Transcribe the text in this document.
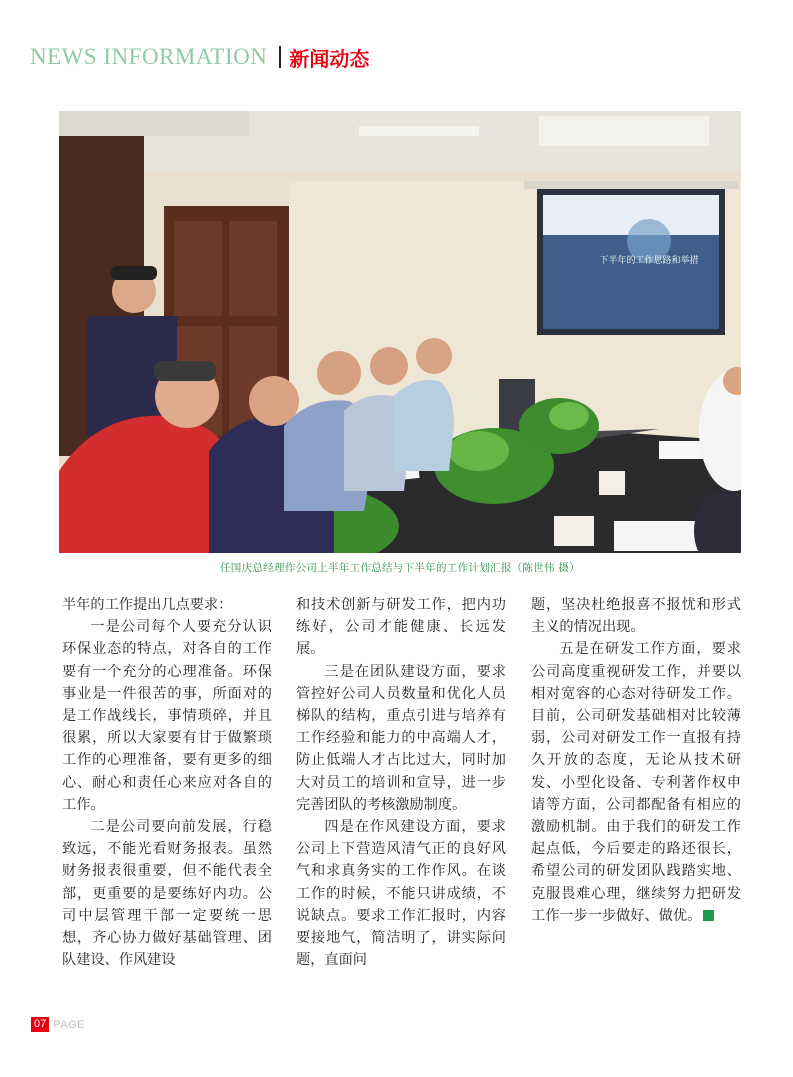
NEWS INFORMATION 新闻动态
下半年的工作思路和举措
任国庆总经理作公司上半年工作总结与下半年的工作计划汇报（陈世伟 摄）

半年的工作提出几点要求：

一是公司每个人要充分认识环保业态的特点，对各自的工作要有一个充分的心理准备。环保事业是一件很苦的事，所面对的是工作战线长，事情琐碎，并且很累，所以大家要有甘于做繁琐工作的心理准备，要有更多的细心、耐心和责任心来应对各自的工作。

二是公司要向前发展，行稳致远，不能光看财务报表。虽然财务报表很重要，但不能代表全部，更重要的是要练好内功。公司中层管理干部一定要统一思想，齐心协力做好基础管理、团队建设、作风建设

和技术创新与研发工作，把内功练好，公司才能健康、长远发展。

三是在团队建设方面，要求管控好公司人员数量和优化人员梯队的结构，重点引进与培养有工作经验和能力的中高端人才，防止低端人才占比过大，同时加大对员工的培训和宣导，进一步完善团队的考核激励制度。

四是在作风建设方面，要求公司上下营造风清气正的良好风气和求真务实的工作作风。在谈工作的时候，不能只讲成绩，不说缺点。要求工作汇报时，内容要接地气，简洁明了，讲实际问题，直面问

题，坚决杜绝报喜不报忧和形式主义的情况出现。

五是在研发工作方面，要求公司高度重视研发工作，并要以相对宽容的心态对待研发工作。目前，公司研发基础相对比较薄弱，公司对研发工作一直报有持久开放的态度，无论从技术研发、小型化设备、专利著作权申请等方面，公司都配备有相应的激励机制。由于我们的研发工作起点低，今后要走的路还很长，希望公司的研发团队践踏实地、克服畏难心理，继续努力把研发工作一步一步做好、做优。

07 PAGE
